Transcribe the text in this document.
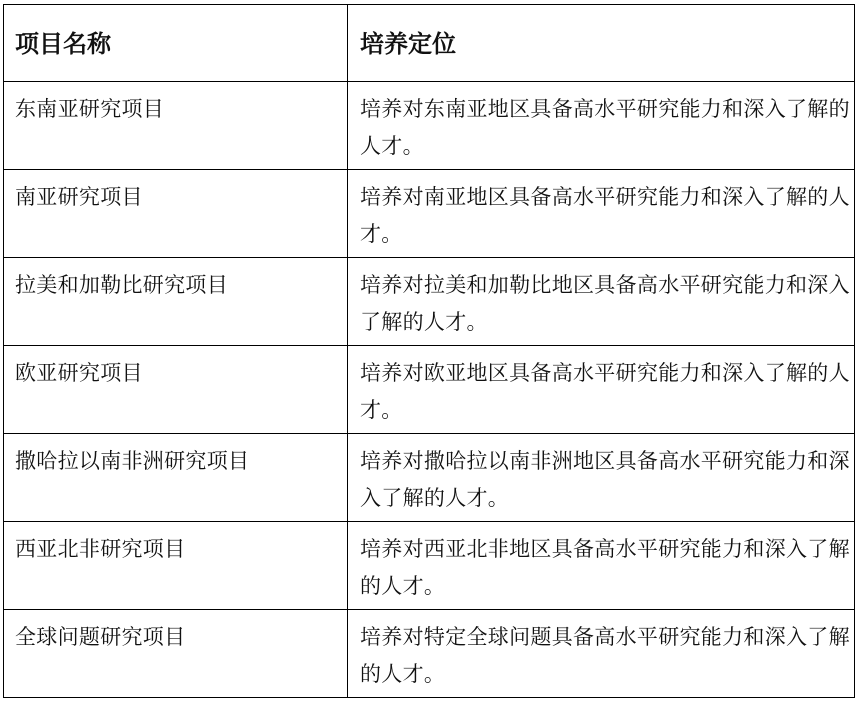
项目名称	培养定位
东南亚研究项目	培养对东南亚地区具备高水平研究能力和深入了解的人才。
南亚研究项目	培养对南亚地区具备高水平研究能力和深入了解的人才。
拉美和加勒比研究项目	培养对拉美和加勒比地区具备高水平研究能力和深入了解的人才。
欧亚研究项目	培养对欧亚地区具备高水平研究能力和深入了解的人才。
撒哈拉以南非洲研究项目	培养对撒哈拉以南非洲地区具备高水平研究能力和深入了解的人才。
西亚北非研究项目	培养对西亚北非地区具备高水平研究能力和深入了解的人才。
全球问题研究项目	培养对特定全球问题具备高水平研究能力和深入了解的人才。
